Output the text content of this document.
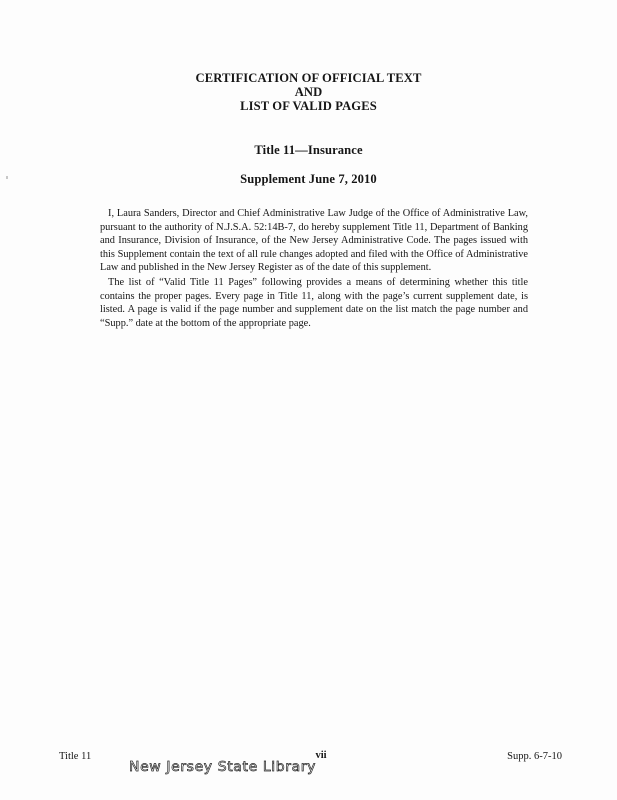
CERTIFICATION OF OFFICIAL TEXT
AND
LIST OF VALID PAGES
Title 11—Insurance
Supplement June 7, 2010

I, Laura Sanders, Director and Chief Administrative Law Judge of the Office of Administrative Law, pursuant to the authority of N.J.S.A. 52:14B-7, do hereby supplement Title 11, Department of Banking and Insurance, Division of Insurance, of the New Jersey Administrative Code. The pages issued with this Supplement contain the text of all rule changes adopted and filed with the Office of Administrative Law and published in the New Jersey Register as of the date of this supplement.

The list of “Valid Title 11 Pages” following provides a means of determining whether this title contains the proper pages. Every page in Title 11, along with the page’s current supplement date, is listed. A page is valid if the page number and supplement date on the list match the page number and “Supp.” date at the bottom of the appropriate page.

Title 11	vii	Supp. 6-7-10
New Jersey State Library
